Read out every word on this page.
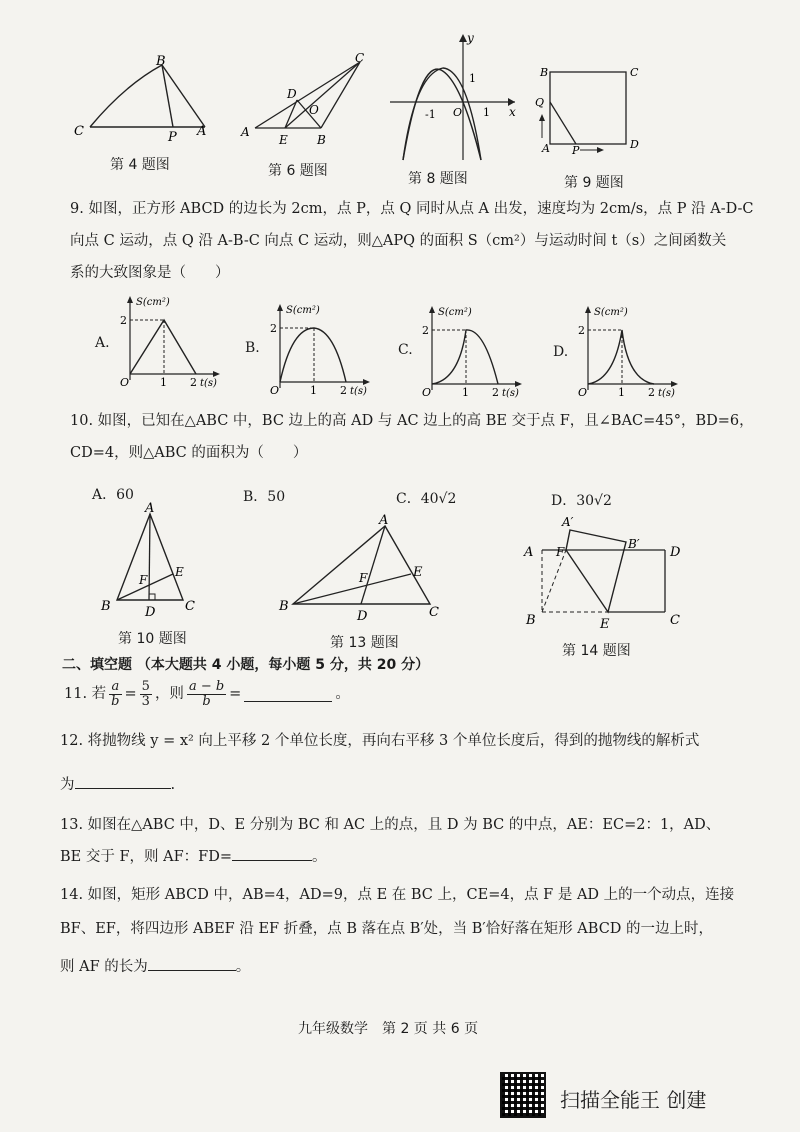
B
C	P A
第 4 题图
C
D
O
A
E B
第 6 题图
y
1
-1 O 1 x
第 8 题图
B	C
Q
A P	D
第 9 题图
9. 如图，正方形 ABCD 的边长为 2cm，点 P，点 Q 同时从点 A 出发，速度均为 2cm/s，点 P 沿 A-D-C
向点 C 运动，点 Q 沿 A-B-C 向点 C 运动，则△APQ 的面积 S（cm²）与运动时间 t（s）之间函数关
系的大致图象是（　　）
A.
S(cm²)
2
O	1 2 t(s)
B.
S(cm²)
2
O	1 2 t(s)
C.
S(cm²)
2
O	1 2 t(s)
D.
S(cm²)
2
O	1 2 t(s)
10. 如图，已知在△ABC 中，BC 边上的高 AD 与 AC 边上的高 BE 交于点 F，且∠BAC=45°，BD=6，
CD=4，则△ABC 的面积为（　　）
A．60	B．50	C．40√2	D．30√2
A
F
E
B	D C
第 10 题图
A
F	E
B
D	C
第 13 题图
A′
A F
B′
D
B	E	C
第 14 题图
二、填空题 （本大题共 4 小题，每小题 5 分，共 20 分）
11. 若 $\frac{a}{b} = \frac{5}{3}$ ，则 $\frac{a - b}{b}$ =	。
12. 将抛物线 y = x² 向上平移 2 个单位长度，再向右平移 3 个单位长度后，得到的抛物线的解析式
为	.
13. 如图在△ABC 中，D、E 分别为 BC 和 AC 上的点，且 D 为 BC 的中点，AE：EC=2：1，AD、
BE 交于 F，则 AF：FD=	。
14. 如图，矩形 ABCD 中，AB=4，AD=9，点 E 在 BC 上，CE=4，点 F 是 AD 上的一个动点，连接
BF、EF，将四边形 ABEF 沿 EF 折叠，点 B 落在点 B′处，当 B′恰好落在矩形 ABCD 的一边上时，
则 AF 的长为	。
九年级数学　第 2 页 共 6 页
扫描全能王 创建
